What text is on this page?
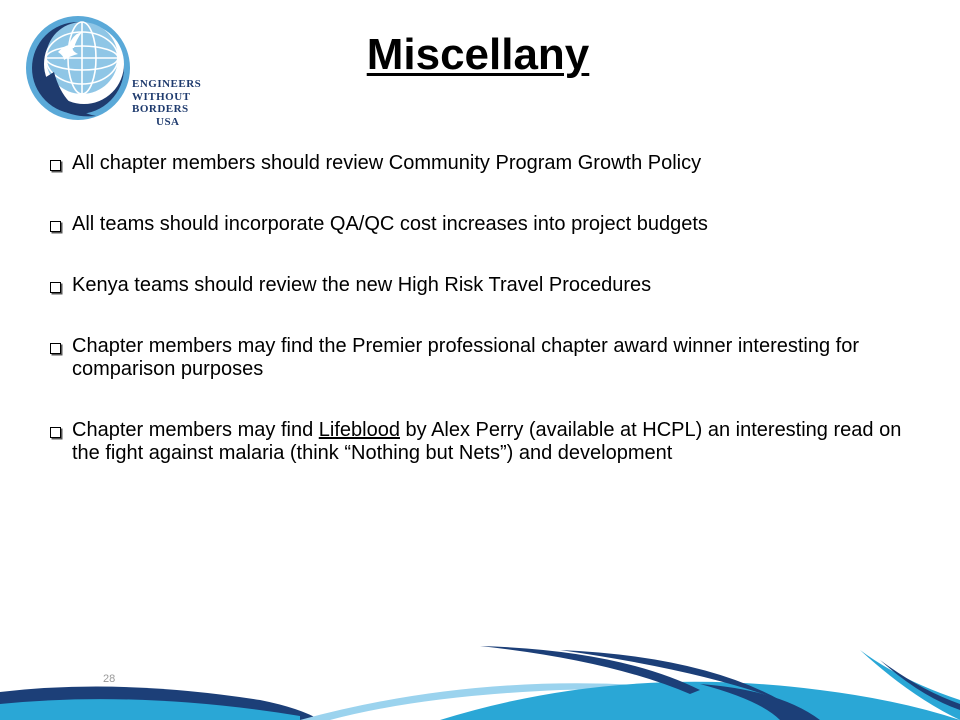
ENGINEERS
WITHOUT
BORDERS
USA
Miscellany
All chapter members should review Community Program Growth Policy
All teams should incorporate QA/QC cost increases into project budgets
Kenya teams should review the new High Risk Travel Procedures
Chapter members may find the Premier professional chapter award winner interesting for comparison purposes
Chapter members may find Lifeblood by Alex Perry (available at HCPL) an interesting read on the fight against malaria (think “Nothing but Nets”) and development
28
